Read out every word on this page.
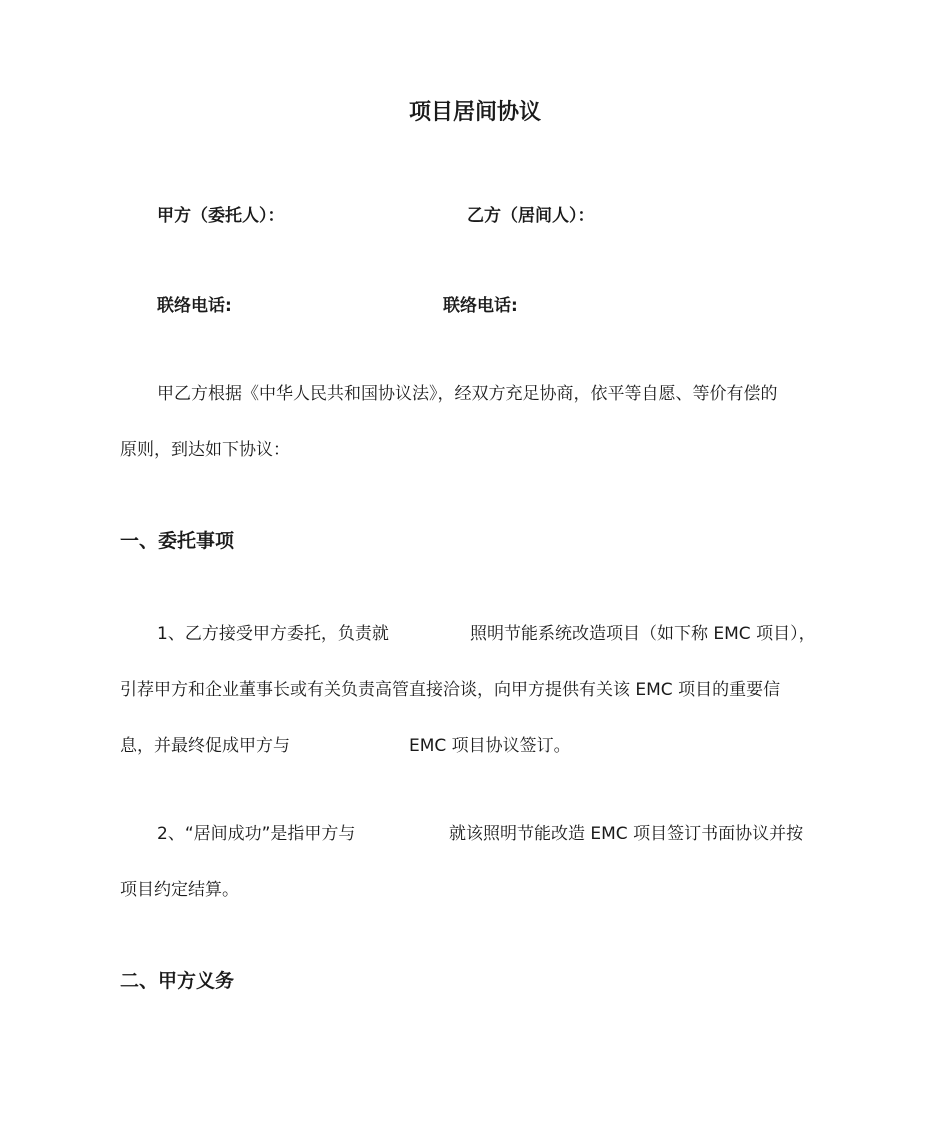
项目居间协议
甲方（委托人）：	乙方（居间人）：
联络电话:	联络电话:
甲乙方根据《中华人民共和国协议法》，经双方充足协商，依平等自愿、等价有偿的
原则，到达如下协议：
一、委托事项
1、乙方接受甲方委托，负责就	照明节能系统改造项目（如下称 EMC 项目），
引荐甲方和企业董事长或有关负责高管直接洽谈，向甲方提供有关该 EMC 项目的重要信
息，并最终促成甲方与	EMC 项目协议签订。
2、“居间成功”是指甲方与	就该照明节能改造 EMC 项目签订书面协议并按
项目约定结算。
二、甲方义务
